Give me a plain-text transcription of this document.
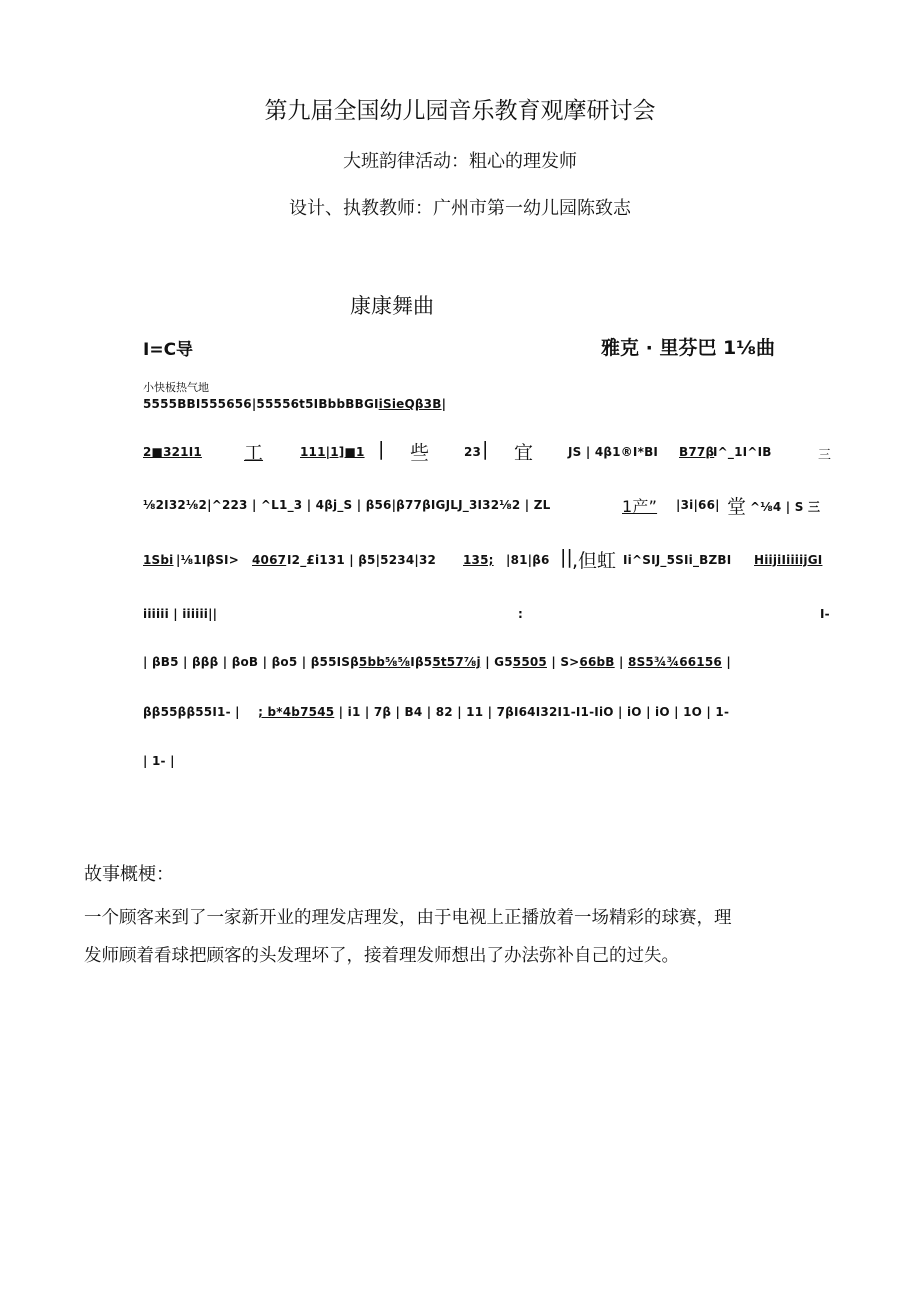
第九届全国幼儿园音乐教育观摩研讨会
大班韵律活动：粗心的理发师
设计、执教教师：广州市第一幼儿园陈致志
康康舞曲
I=C导	雅克 · 里芬巴 1⅛曲
小快板热气地
5555BBI555656|55556t5IBbbBBGIiSieQβ3B|
2■321I1 工	111|1]■1 | 些	23 | 宜	JS | 4β1®I*BI B77β
I^_1I^IB	三
⅛2I32⅛2|^223 | ^L1_3 | 4βj_S | β56|β77βIGJLJ_3I32⅛2 | ZL	1产” |3i|66| 堂 ^⅛4 | S 三
1Sbi |⅛1IβSI> 4067 I2_£i131 | β5|5234|32 135; |81|β6 || ,但虹 Ii^SIJ_5SIi_BZBI HiijiIiiiijGI
iiiiii | iiiiii||	:	I-
| βB5 | βββ | βoB | βo5 | β55ISβ5bb⅝⅝Iβ55t57⅞j | G55505 | S>66bB | 8S5¾¾66156 |
ββ55ββ55I1- | ; b*4b7545 | i1 | 7β | B4 | 82 | 11 | 7βI64I32I1-I1-IiO | iO | iO | 1O | 1-
| 1- |
故事概梗：
一个顾客来到了一家新开业的理发店理发，由于电视上正播放着一场精彩的球赛，理
发师顾着看球把顾客的头发理坏了，接着理发师想出了办法弥补自己的过失。
